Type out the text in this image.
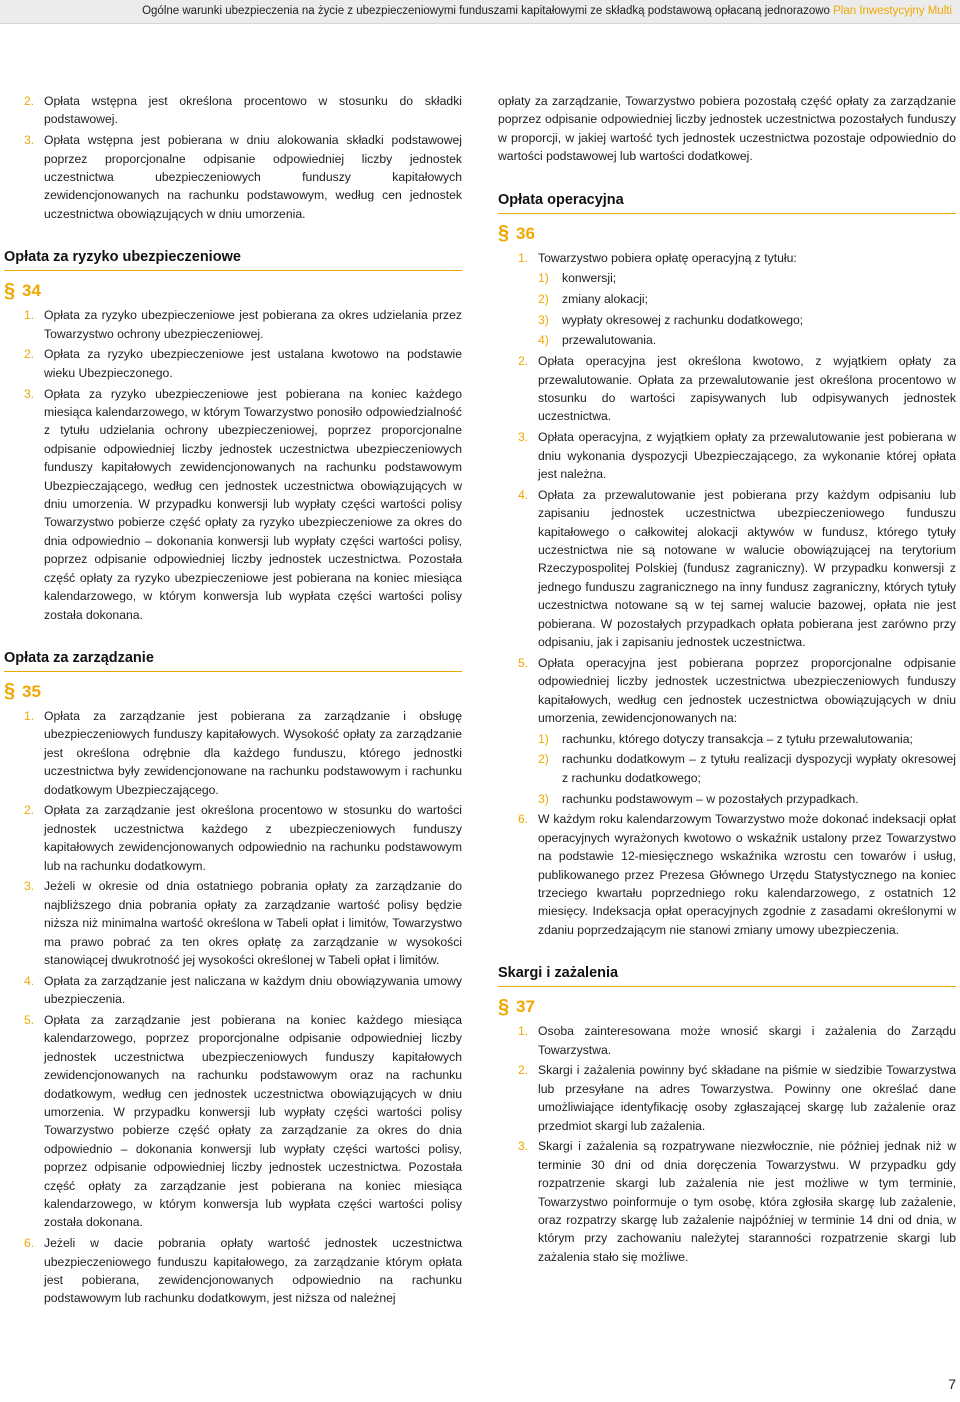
Ogólne warunki ubezpieczenia na życie z ubezpieczeniowymi funduszami kapitałowymi ze składką podstawową opłacaną jednorazowo Plan Inwestycyjny Multi
2. Opłata wstępna jest określona procentowo w stosunku do składki podstawowej.
3. Opłata wstępna jest pobierana w dniu alokowania składki podstawowej poprzez proporcjonalne odpisanie odpowiedniej liczby jednostek uczestnictwa ubezpieczeniowych funduszy kapitałowych zewidencjonowanych na rachunku podstawowym, według cen jednostek uczestnictwa obowiązujących w dniu umorzenia.
Opłata za ryzyko ubezpieczeniowe
§ 34
1. Opłata za ryzyko ubezpieczeniowe jest pobierana za okres udzielania przez Towarzystwo ochrony ubezpieczeniowej.
2. Opłata za ryzyko ubezpieczeniowe jest ustalana kwotowo na podstawie wieku Ubezpieczonego.
3. Opłata za ryzyko ubezpieczeniowe jest pobierana na koniec każdego miesiąca kalendarzowego, w którym Towarzystwo ponosiło odpowiedzialność z tytułu udzielania ochrony ubezpieczeniowej, poprzez proporcjonalne odpisanie odpowiedniej liczby jednostek uczestnictwa ubezpieczeniowych funduszy kapitałowych zewidencjonowanych na rachunku podstawowym Ubezpieczającego, według cen jednostek uczestnictwa obowiązujących w dniu umorzenia. W przypadku konwersji lub wypłaty części wartości polisy Towarzystwo pobierze część opłaty za ryzyko ubezpieczeniowe za okres do dnia odpowiednio – dokonania konwersji lub wypłaty części wartości polisy, poprzez odpisanie odpowiedniej liczby jednostek uczestnictwa. Pozostała część opłaty za ryzyko ubezpieczeniowe jest pobierana na koniec miesiąca kalendarzowego, w którym konwersja lub wypłata części wartości polisy została dokonana.
Opłata za zarządzanie
§ 35
1. Opłata za zarządzanie jest pobierana za zarządzanie i obsługę ubezpieczeniowych funduszy kapitałowych. Wysokość opłaty za zarządzanie jest określona odrębnie dla każdego funduszu, którego jednostki uczestnictwa były zewidencjonowane na rachunku podstawowym i rachunku dodatkowym Ubezpieczającego.
2. Opłata za zarządzanie jest określona procentowo w stosunku do wartości jednostek uczestnictwa każdego z ubezpieczeniowych funduszy kapitałowych zewidencjonowanych odpowiednio na rachunku podstawowym lub na rachunku dodatkowym.
3. Jeżeli w okresie od dnia ostatniego pobrania opłaty za zarządzanie do najbliższego dnia pobrania opłaty za zarządzanie wartość polisy będzie niższa niż minimalna wartość określona w Tabeli opłat i limitów, Towarzystwo ma prawo pobrać za ten okres opłatę za zarządzanie w wysokości stanowiącej dwukrotność jej wysokości określonej w Tabeli opłat i limitów.
4. Opłata za zarządzanie jest naliczana w każdym dniu obowiązywania umowy ubezpieczenia.
5. Opłata za zarządzanie jest pobierana na koniec każdego miesiąca kalendarzowego, poprzez proporcjonalne odpisanie odpowiedniej liczby jednostek uczestnictwa ubezpieczeniowych funduszy kapitałowych zewidencjonowanych na rachunku podstawowym oraz na rachunku dodatkowym, według cen jednostek uczestnictwa obowiązujących w dniu umorzenia. W przypadku konwersji lub wypłaty części wartości polisy Towarzystwo pobierze część opłaty za zarządzanie za okres do dnia odpowiednio – dokonania konwersji lub wypłaty części wartości polisy, poprzez odpisanie odpowiedniej liczby jednostek uczestnictwa. Pozostała część opłaty za zarządzanie jest pobierana na koniec miesiąca kalendarzowego, w którym konwersja lub wypłata części wartości polisy została dokonana.
6. Jeżeli w dacie pobrania opłaty wartość jednostek uczestnictwa ubezpieczeniowego funduszu kapitałowego, za zarządzanie którym opłata jest pobierana, zewidencjonowanych odpowiednio na rachunku podstawowym lub rachunku dodatkowym, jest niższa od należnej

opłaty za zarządzanie, Towarzystwo pobiera pozostałą część opłaty za zarządzanie poprzez odpisanie odpowiedniej liczby jednostek uczestnictwa pozostałych funduszy w proporcji, w jakiej wartość tych jednostek uczestnictwa pozostaje odpowiednio do wartości podstawowej lub wartości dodatkowej.

Opłata operacyjna
§ 36
1. Towarzystwo pobiera opłatę operacyjną z tytułu:
1) konwersji;
2) zmiany alokacji;
3) wypłaty okresowej z rachunku dodatkowego;
4) przewalutowania.
2. Opłata operacyjna jest określona kwotowo, z wyjątkiem opłaty za przewalutowanie. Opłata za przewalutowanie jest określona procentowo w stosunku do wartości zapisywanych lub odpisywanych jednostek uczestnictwa.
3. Opłata operacyjna, z wyjątkiem opłaty za przewalutowanie jest pobierana w dniu wykonania dyspozycji Ubezpieczającego, za wykonanie której opłata jest należna.
4. Opłata za przewalutowanie jest pobierana przy każdym odpisaniu lub zapisaniu jednostek uczestnictwa ubezpieczeniowego funduszu kapitałowego o całkowitej alokacji aktywów w fundusz, którego tytuły uczestnictwa nie są notowane w walucie obowiązującej na terytorium Rzeczypospolitej Polskiej (fundusz zagraniczny). W przypadku konwersji z jednego funduszu zagranicznego na inny fundusz zagraniczny, których tytuły uczestnictwa notowane są w tej samej walucie bazowej, opłata nie jest pobierana. W pozostałych przypadkach opłata pobierana jest zarówno przy odpisaniu, jak i zapisaniu jednostek uczestnictwa.
5. Opłata operacyjna jest pobierana poprzez proporcjonalne odpisanie odpowiedniej liczby jednostek uczestnictwa ubezpieczeniowych funduszy kapitałowych, według cen jednostek uczestnictwa obowiązujących w dniu umorzenia, zewidencjonowanych na:
1) rachunku, którego dotyczy transakcja – z tytułu przewalutowania;
2) rachunku dodatkowym – z tytułu realizacji dyspozycji wypłaty okresowej z rachunku dodatkowego;
3) rachunku podstawowym – w pozostałych przypadkach.
6. W każdym roku kalendarzowym Towarzystwo może dokonać indeksacji opłat operacyjnych wyrażonych kwotowo o wskaźnik ustalony przez Towarzystwo na podstawie 12-miesięcznego wskaźnika wzrostu cen towarów i usług, publikowanego przez Prezesa Głównego Urzędu Statystycznego na koniec trzeciego kwartału poprzedniego roku kalendarzowego, z ostatnich 12 miesięcy. Indeksacja opłat operacyjnych zgodnie z zasadami określonymi w zdaniu poprzedzającym nie stanowi zmiany umowy ubezpieczenia.
Skargi i zażalenia
§ 37
1. Osoba zainteresowana może wnosić skargi i zażalenia do Zarządu Towarzystwa.
2. Skargi i zażalenia powinny być składane na piśmie w siedzibie Towarzystwa lub przesyłane na adres Towarzystwa. Powinny one określać dane umożliwiające identyfikację osoby zgłaszającej skargę lub zażalenie oraz przedmiot skargi lub zażalenia.
3. Skargi i zażalenia są rozpatrywane niezwłocznie, nie później jednak niż w terminie 30 dni od dnia doręczenia Towarzystwu. W przypadku gdy rozpatrzenie skargi lub zażalenia nie jest możliwe w tym terminie, Towarzystwo poinformuje o tym osobę, która zgłosiła skargę lub zażalenie, oraz rozpatrzy skargę lub zażalenie najpóźniej w terminie 14 dni od dnia, w którym przy zachowaniu należytej staranności rozpatrzenie skargi lub zażalenia stało się możliwe.
7
